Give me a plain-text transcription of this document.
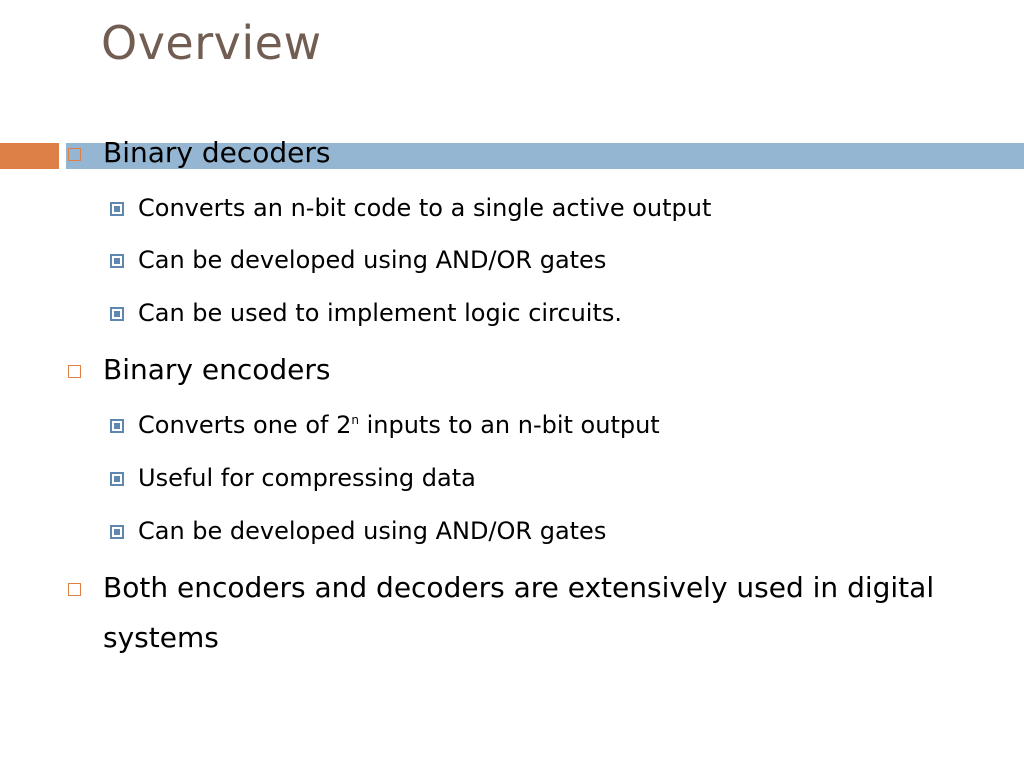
Overview
Binary decoders
Converts an n-bit code to a single active output
Can be developed using AND/OR gates
Can be used to implement logic circuits.
Binary encoders
Converts one of 2$^n$ inputs to an n-bit output
Useful for compressing data
Can be developed using AND/OR gates
Both encoders and decoders are extensively used in digital systems
